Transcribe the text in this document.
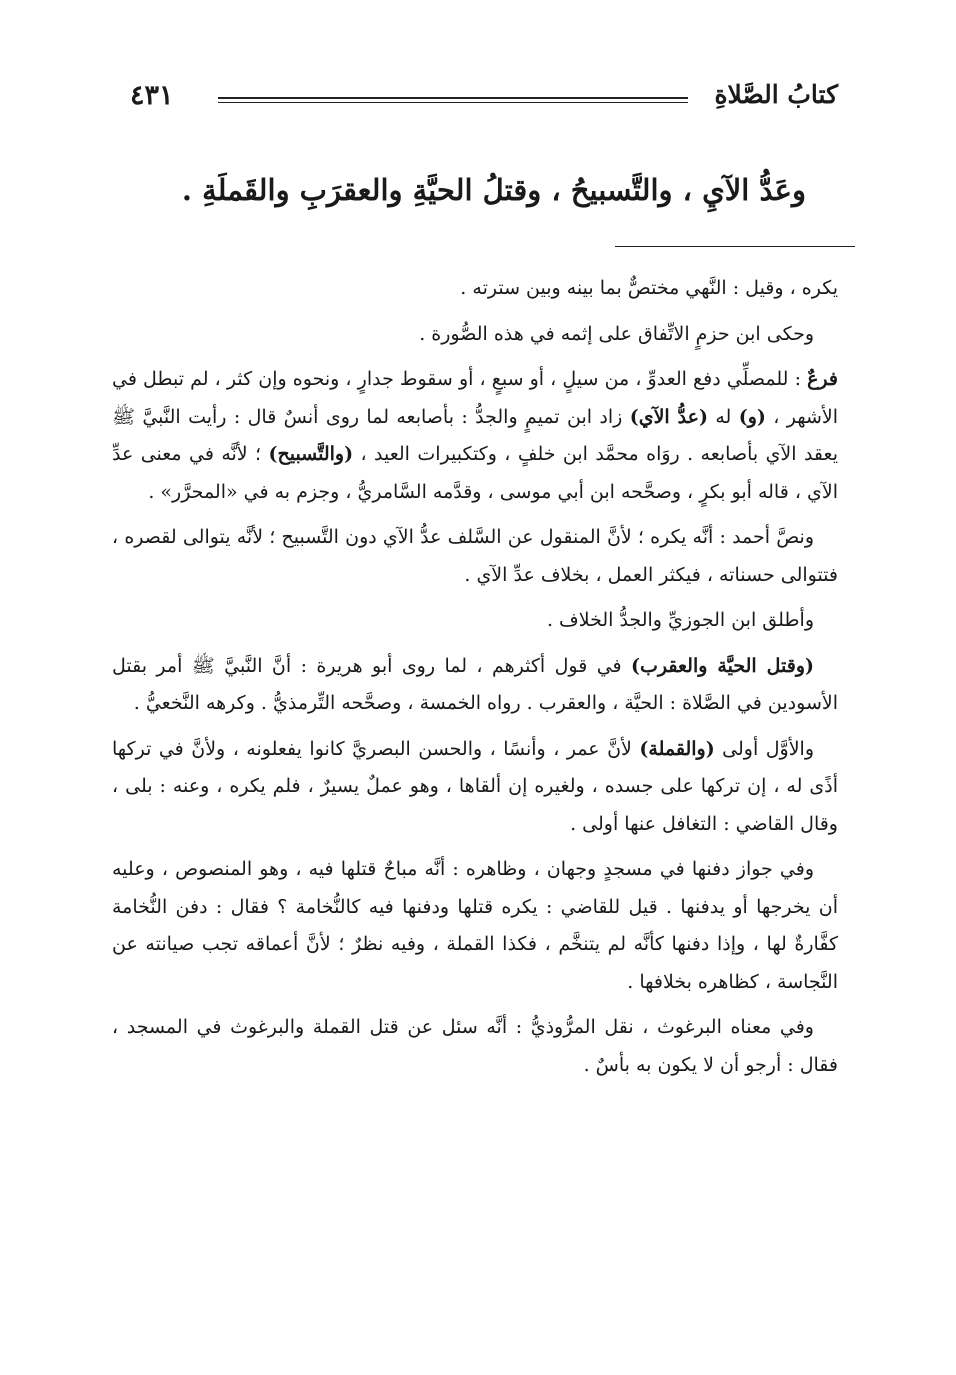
كتابُ الصَّلاةِ
٤٣١
وعَدُّ الآيِ ، والتَّسبيحُ ، وقتلُ الحيَّةِ والعقرَبِ والقَملَةِ .

يكره ، وقيل : النَّهي مختصٌّ بما بينه وبين سترته .

وحكى ابن حزمٍ الاتِّفاق على إثمه في هذه الصُّورة .

فرعٌ : للمصلِّي دفع العدوِّ ، من سيلٍ ، أو سبعٍ ، أو سقوط جدارٍ ، ونحوه وإن كثر ، لم تبطل في الأشهر ، (و) له (عدُّ الآي) زاد ابن تميمٍ والجدُّ : بأصابعه لما روى أنسٌ قال : رأيت النَّبيَّ ﷺ يعقد الآي بأصابعه . روَاه محمَّد ابن خلفٍ ، وكتكبيرات العيد ، (والتَّسبيح) ؛ لأنَّه في معنى عدِّ الآي ، قاله أبو بكرٍ ، وصحَّحه ابن أبي موسى ، وقدَّمه السَّامريُّ ، وجزم به في «المحرَّر» .

ونصَّ أحمد : أنَّه يكره ؛ لأنَّ المنقول عن السَّلف عدُّ الآي دون التَّسبيح ؛ لأنَّه يتوالى لقصره ، فتتوالى حسناته ، فيكثر العمل ، بخلاف عدِّ الآي .

وأطلق ابن الجوزيِّ والجدُّ الخلاف .

(وقتل الحيَّة والعقرب) في قول أكثرهم ، لما روى أبو هريرة : أنَّ النَّبيَّ ﷺ أمر بقتل الأسودين في الصَّلاة : الحيَّة ، والعقرب . رواه الخمسة ، وصحَّحه التِّرمذيُّ . وكرهه النَّخعيُّ .

والأوَّل أولى (والقملة) لأنَّ عمر ، وأنسًا ، والحسن البصريَّ كانوا يفعلونه ، ولأنَّ في تركها أذًى له ، إن تركها على جسده ، ولغيره إن ألقاها ، وهو عملٌ يسيرٌ ، فلم يكره ، وعنه : بلى ، وقال القاضي : التغافل عنها أولى .

وفي جواز دفنها في مسجدٍ وجهان ، وظاهره : أنَّه مباحٌ قتلها فيه ، وهو المنصوص ، وعليه أن يخرجها أو يدفنها . قيل للقاضي : يكره قتلها ودفنها فيه كالنُّخامة ؟ فقال : دفن النُّخامة كفَّارةٌ لها ، وإذا دفنها كأنَّه لم يتنخَّم ، فكذا القملة ، وفيه نظرٌ ؛ لأنَّ أعماقه تجب صيانته عن النَّجاسة ، كظاهره بخلافها .

وفي معناه البرغوث ، نقل المرُّوذيُّ : أنَّه سئل عن قتل القملة والبرغوث في المسجد ، فقال : أرجو أن لا يكون به بأسٌ .
